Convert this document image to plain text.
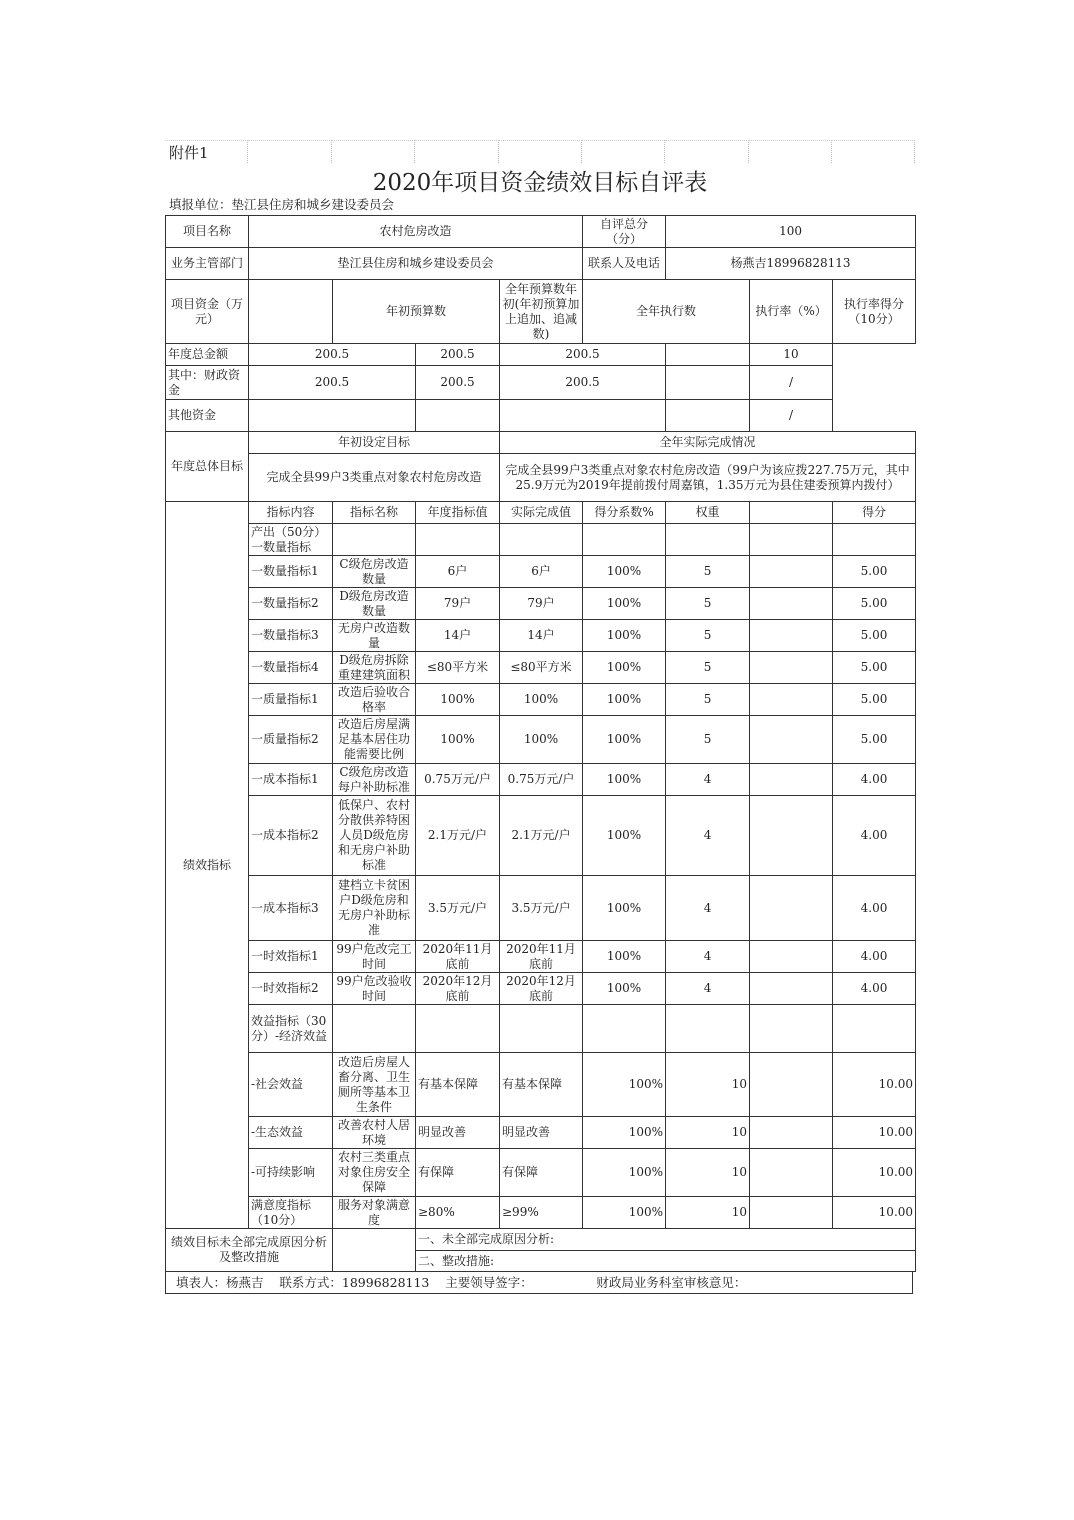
附件1
2020年项目资金绩效目标自评表
填报单位：垫江县住房和城乡建设委员会
项目名称	农村危房改造				自评总分（分）	100		
业务主管部门	垫江县住房和城乡建设委员会				联系人及电话	杨燕吉18996828113		
项目资金（万元）		年初预算数		全年预算数年初(年初预算加上追加、追减数)	全年执行数		执行率（%）	执行率得分（10分）
年度总金额	200.5		200.5	200.5			10	
其中：财政资金	200.5		200.5	200.5			/	
其他资金							/	
年度总体目标	年初设定目标			全年实际完成情况				
	完成全县99户3类重点对象农村危房改造			完成全县99户3类重点对象农村危房改造（99户为该应拨227.75万元，其中25.9万元为2019年提前拨付周嘉镇，1.35万元为县住建委预算内拨付）				
绩效指标	指标内容	指标名称	年度指标值	实际完成值	得分系数%	权重		得分
	产出（50分）一数量指标							
	一数量指标1	C级危房改造数量	6户	6户	100%	5		5.00
	一数量指标2	D级危房改造数量	79户	79户	100%	5		5.00
	一数量指标3	无房户改造数量	14户	14户	100%	5		5.00
	一数量指标4	D级危房拆除重建建筑面积	≤80平方米	≤80平方米	100%	5		5.00
	一质量指标1	改造后验收合格率	100%	100%	100%	5		5.00
	一质量指标2	改造后房屋满足基本居住功能需要比例	100%	100%	100%	5		5.00
	一成本指标1	C级危房改造每户补助标准	0.75万元/户	0.75万元/户	100%	4		4.00
	一成本指标2	低保户、农村分散供养特困人员D级危房和无房户补助标准	2.1万元/户	2.1万元/户	100%	4		4.00
	一成本指标3	建档立卡贫困户D级危房和无房户补助标准	3.5万元/户	3.5万元/户	100%	4		4.00
	一时效指标1	99户危改完工时间	2020年11月底前	2020年11月底前	100%	4		4.00
	一时效指标2	99户危改验收时间	2020年12月底前	2020年12月底前	100%	4		4.00
	效益指标（30分）-经济效益							
	-社会效益	改造后房屋人畜分离、卫生厕所等基本卫生条件	有基本保障	有基本保障	100%	10		10.00
	-生态效益	改善农村人居环境	明显改善	明显改善	100%	10		10.00
	-可持续影响	农村三类重点对象住房安全保障	有保障	有保障	100%	10		10.00
	满意度指标（10分）	服务对象满意度	≥80%	≥99%	100%	10		10.00
绩效目标未全部完成原因分析及整改措施			一、未全部完成原因分析:					
			二、整改措施:					
填表人：杨燕吉    联系方式：18996828113    主要领导签字：                财政局业务科室审核意见：
